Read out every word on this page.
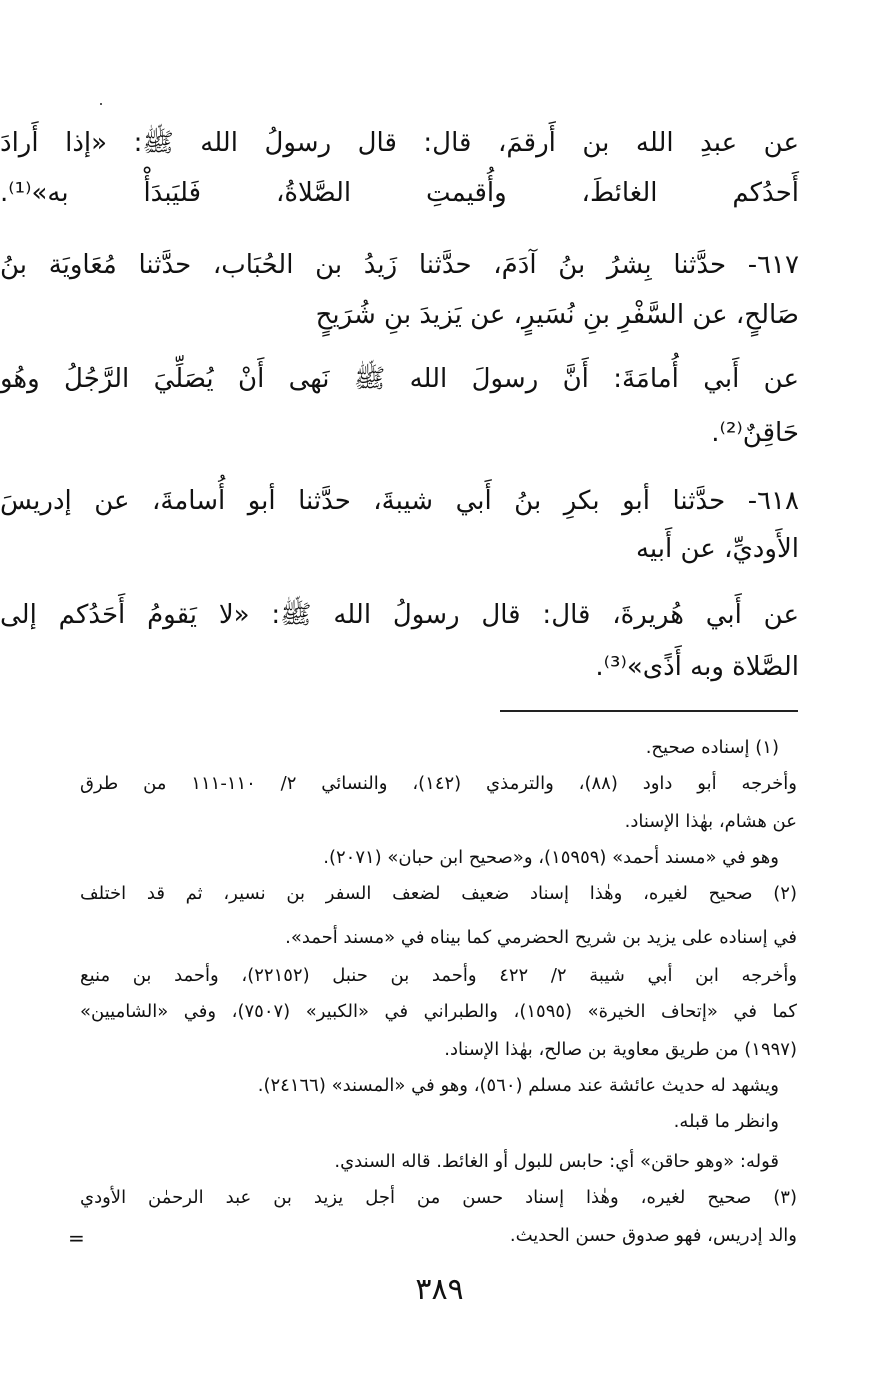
عن عبدِ الله بن أَرقمَ، قال: قال رسولُ الله ﷺ: «إذا أَرادَ
أَحدُكم الغائطَ، وأُقيمتِ الصَّلاةُ، فَليَبدَأْ به»⁽¹⁾.
٦١٧- حدَّثنا بِشرُ بنُ آدَمَ، حدَّثنا زَيدُ بن الحُبَاب، حدَّثنا مُعَاويَة بنُ
صَالحٍ، عن السَّفْرِ بنِ نُسَيرٍ، عن يَزيدَ بنِ شُرَيحٍ
عن أَبي أُمامَةَ: أَنَّ رسولَ الله ﷺ نَهى أَنْ يُصَلِّيَ الرَّجُلُ وهُو
حَاقِنٌ⁽²⁾.
٦١٨- حدَّثنا أبو بكرِ بنُ أَبي شيبةَ، حدَّثنا أبو أُسامةَ، عن إدريسَ
الأَوديِّ، عن أَبيه
عن أَبي هُريرةَ، قال: قال رسولُ الله ﷺ: «لا يَقومُ أَحَدُكم إلى
الصَّلاة وبه أَذًى»⁽³⁾.
(١) إسناده صحيح.
وأخرجه أبو داود (٨٨)، والترمذي (١٤٢)، والنسائي ٢/ ١١٠-١١١ من طرق
عن هشام، بهٰذا الإسناد.
وهو في «مسند أحمد» (١٥٩٥٩)، و«صحيح ابن حبان» (٢٠٧١).
(٢) صحيح لغيره، وهٰذا إسناد ضعيف لضعف السفر بن نسير، ثم قد اختلف
في إسناده على يزيد بن شريح الحضرمي كما بيناه في «مسند أحمد».
وأخرجه ابن أبي شيبة ٢/ ٤٢٢ وأحمد بن حنبل (٢٢١٥٢)، وأحمد بن منيع
كما في «إتحاف الخيرة» (١٥٩٥)، والطبراني في «الكبير» (٧٥٠٧)، وفي «الشاميين»
(١٩٩٧) من طريق معاوية بن صالح، بهٰذا الإسناد.
ويشهد له حديث عائشة عند مسلم (٥٦٠)، وهو في «المسند» (٢٤١٦٦).
وانظر ما قبله.
قوله: «وهو حاقن» أي: حابس للبول أو الغائط. قاله السندي.
(٣) صحيح لغيره، وهٰذا إسناد حسن من أجل يزيد بن عبد الرحمٰن الأودي
والد إدريس، فهو صدوق حسن الحديث.
=
٣٨٩
